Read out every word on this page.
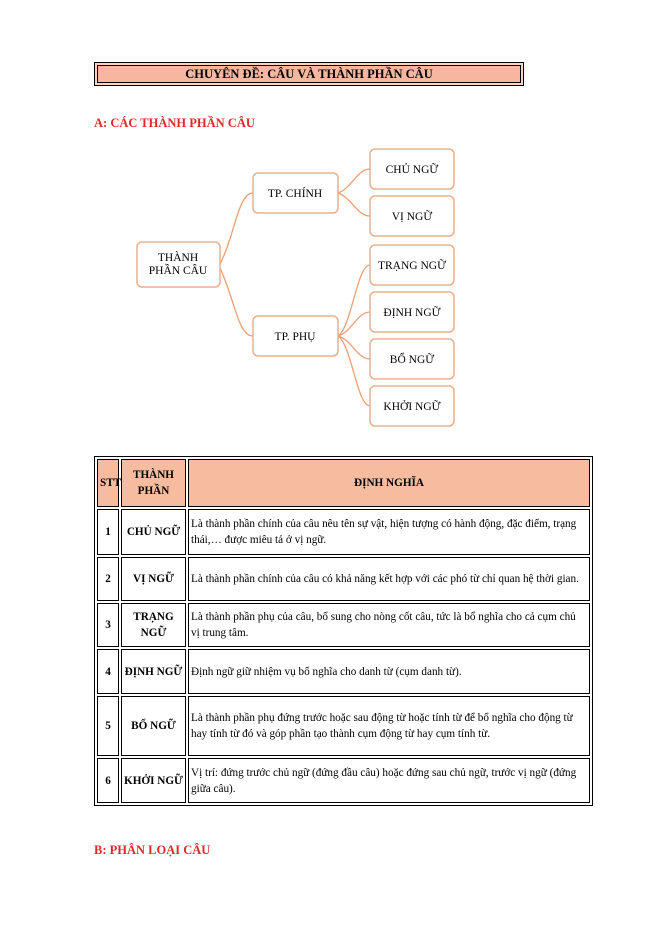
CHUYÊN ĐỀ: CÂU VÀ THÀNH PHẦN CÂU
A: CÁC THÀNH PHẦN CÂU
THÀNH
PHẦN CÂU
TP. CHÍNH
TP. PHỤ
CHỦ NGỮ
VỊ NGỮ
TRẠNG NGỮ
ĐỊNH NGỮ
BỔ NGỮ
KHỞI NGỮ
STT	THÀNH PHẦN	ĐỊNH NGHĨA
1	CHỦ NGỮ	Là thành phần chính của câu nêu tên sự vật, hiện tượng có hành động, đặc điểm, trạng thái,… được miêu tả ở vị ngữ.
2	VỊ NGỮ	Là thành phần chính của câu có khả năng kết hợp với các phó từ chỉ quan hệ thời gian.
3	TRẠNG NGỮ	Là thành phần phụ của câu, bổ sung cho nòng cốt câu, tức là bổ nghĩa cho cả cụm chủ vị trung tâm.
4	ĐỊNH NGỮ	Định ngữ giữ nhiệm vụ bổ nghĩa cho danh từ (cụm danh từ).
5	BỔ NGỮ	Là thành phần phụ đứng trước hoặc sau động từ hoặc tính từ để bổ nghĩa cho động từ hay tính từ đó và góp phần tạo thành cụm động từ hay cụm tính từ.
6	KHỞI NGỮ	Vị trí: đứng trước chủ ngữ (đứng đầu câu) hoặc đứng sau chủ ngữ, trước vị ngữ (đứng giữa câu).
B: PHÂN LOẠI CÂU
